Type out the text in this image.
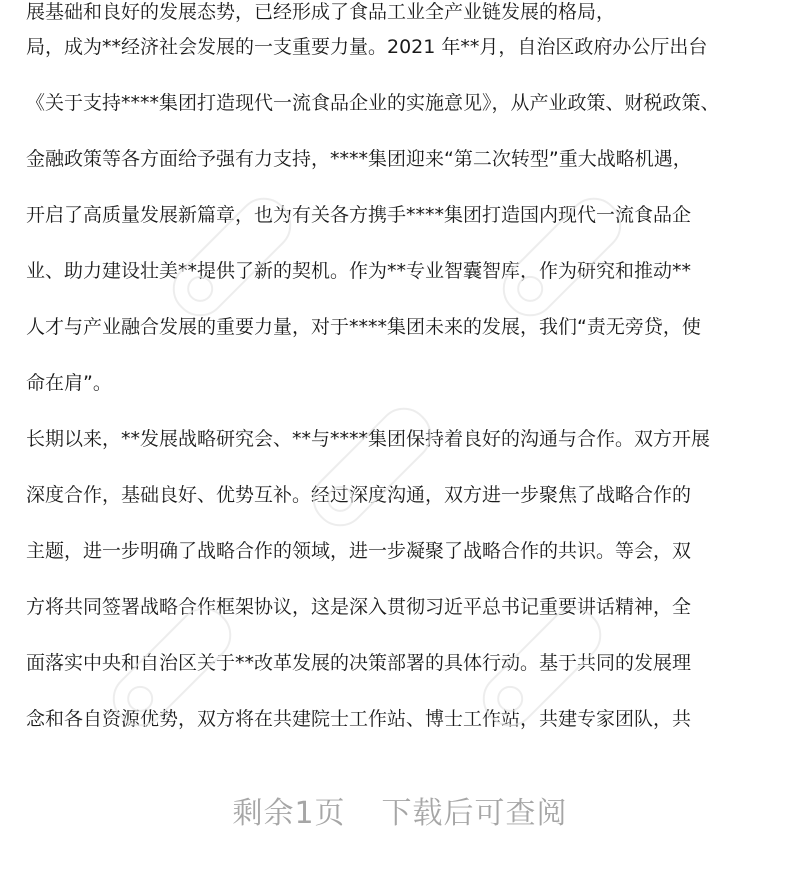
展基础和良好的发展态势，已经形成了食品工业全产业链发展的格局，
局，成为**经济社会发展的一支重要力量。2021 年**月，自治区政府办公厅出台
《关于支持****集团打造现代一流食品企业的实施意见》，从产业政策、财税政策、
金融政策等各方面给予强有力支持，****集团迎来“第二次转型”重大战略机遇，
开启了高质量发展新篇章，也为有关各方携手****集团打造国内现代一流食品企
业、助力建设壮美**提供了新的契机。作为**专业智囊智库，作为研究和推动**
人才与产业融合发展的重要力量，对于****集团未来的发展，我们“责无旁贷，使
命在肩”。
长期以来，**发展战略研究会、**与****集团保持着良好的沟通与合作。双方开展
深度合作，基础良好、优势互补。经过深度沟通，双方进一步聚焦了战略合作的
主题，进一步明确了战略合作的领域，进一步凝聚了战略合作的共识。等会，双
方将共同签署战略合作框架协议，这是深入贯彻习近平总书记重要讲话精神，全
面落实中央和自治区关于**改革发展的决策部署的具体行动。基于共同的发展理
念和各自资源优势，双方将在共建院士工作站、博士工作站，共建专家团队，共
剩余1页 下载后可查阅
